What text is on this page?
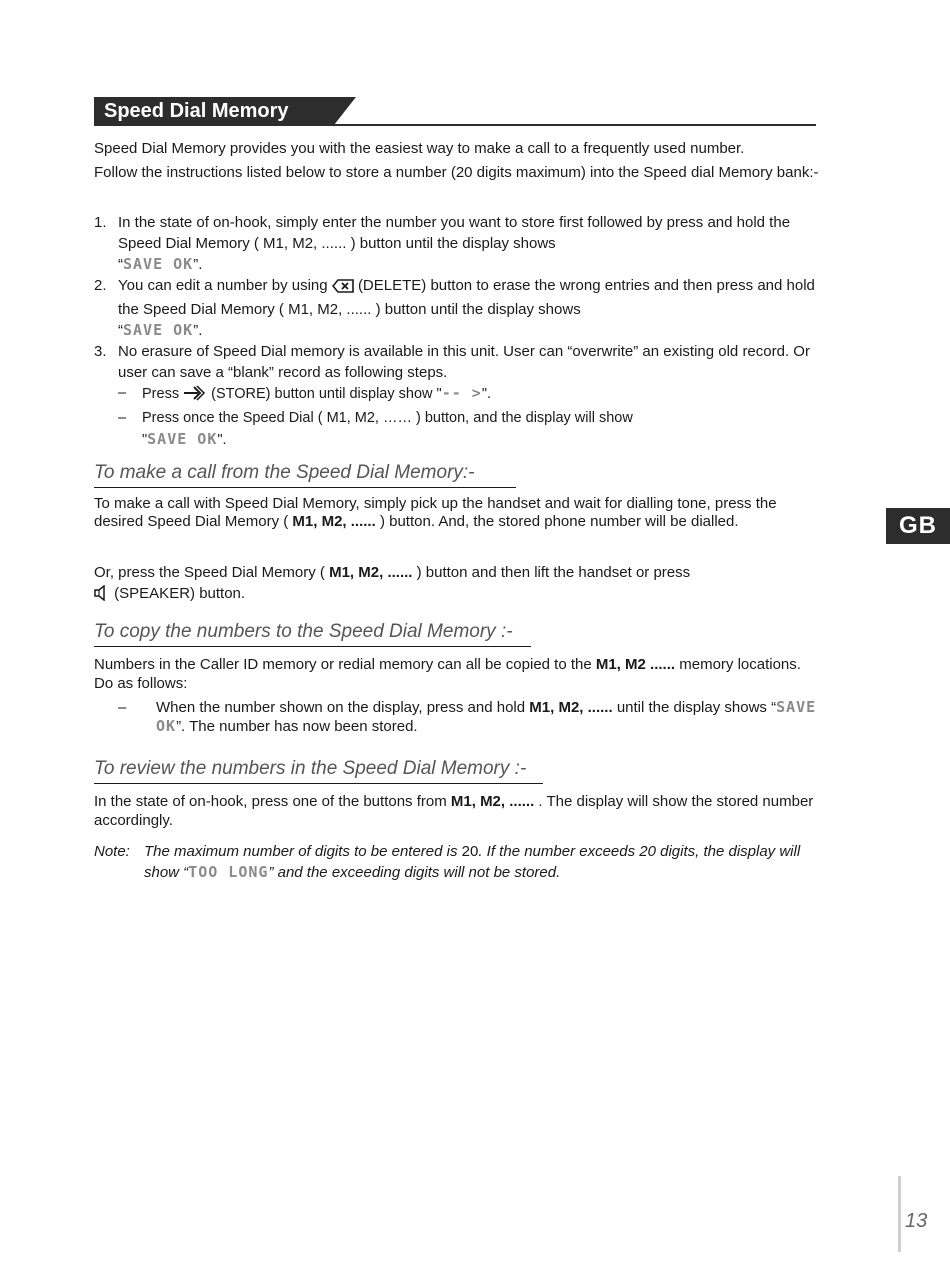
Speed Dial Memory
Speed Dial Memory provides you with the easiest way to make a call to a frequently used number.
Follow the instructions listed below to store a number (20 digits maximum) into the Speed dial Memory bank:-
1. In the state of on-hook, simply enter the number you want to store first followed by press and hold the Speed Dial Memory ( M1, M2, ...... ) button until the display shows
“SAVE OK”.
2. You can edit a number by using (DELETE) button to erase the wrong entries and then press and hold the Speed Dial Memory ( M1, M2, ...... ) button until the display shows
“SAVE OK”.
3. No erasure of Speed Dial memory is available in this unit. User can “overwrite” an existing old record. Or user can save a “blank” record as following steps.
– Press (STORE) button until display show "-- >".
– Press once the Speed Dial ( M1, M2, …… ) button, and the display will show
"SAVE OK".
To make a call from the Speed Dial Memory:-
To make a call with Speed Dial Memory, simply pick up the handset and wait for dialling tone, press the desired Speed Dial Memory ( M1, M2, ...... ) button. And, the stored phone number will be dialled.
Or, press the Speed Dial Memory ( M1, M2, ...... ) button and then lift the handset or press
(SPEAKER) button.
To copy the numbers to the Speed Dial Memory :-
Numbers in the Caller ID memory or redial memory can all be copied to the M1, M2 ...... memory locations. Do as follows:
– When the number shown on the display, press and hold M1, M2, ...... until the display shows “SAVE OK”. The number has now been stored.
To review the numbers in the Speed Dial Memory :-
In the state of on-hook, press one of the buttons from M1, M2, ...... . The display will show the stored number accordingly.
Note: The maximum number of digits to be entered is 20. If the number exceeds 20 digits, the display will show “TOO LONG” and the exceeding digits will not be stored.
GB
13
